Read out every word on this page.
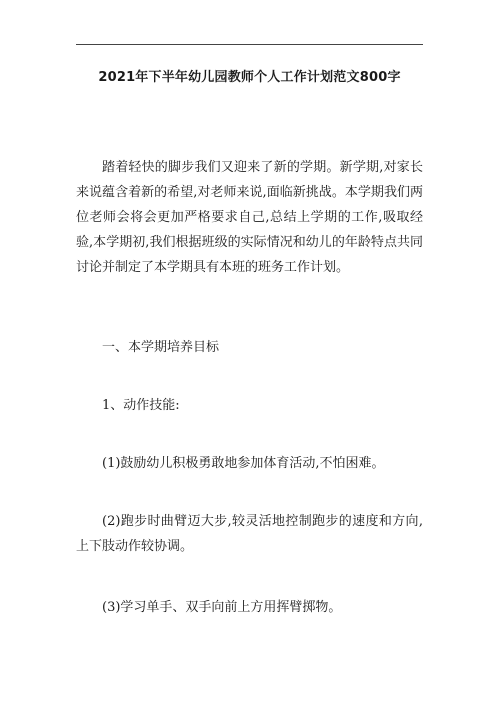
2021年下半年幼儿园教师个人工作计划范文800字

踏着轻快的脚步我们又迎来了新的学期。新学期,对家长来说蕴含着新的希望,对老师来说,面临新挑战。本学期我们两位老师会将会更加严格要求自己,总结上学期的工作,吸取经验,本学期初,我们根据班级的实际情况和幼儿的年龄特点共同讨论并制定了本学期具有本班的班务工作计划。

一、本学期培养目标

1、动作技能:

(1)鼓励幼儿积极勇敢地参加体育活动,不怕困难。

(2)跑步时曲臂迈大步,较灵活地控制跑步的速度和方向,上下肢动作较协调。

(3)学习单手、双手向前上方用挥臂掷物。
